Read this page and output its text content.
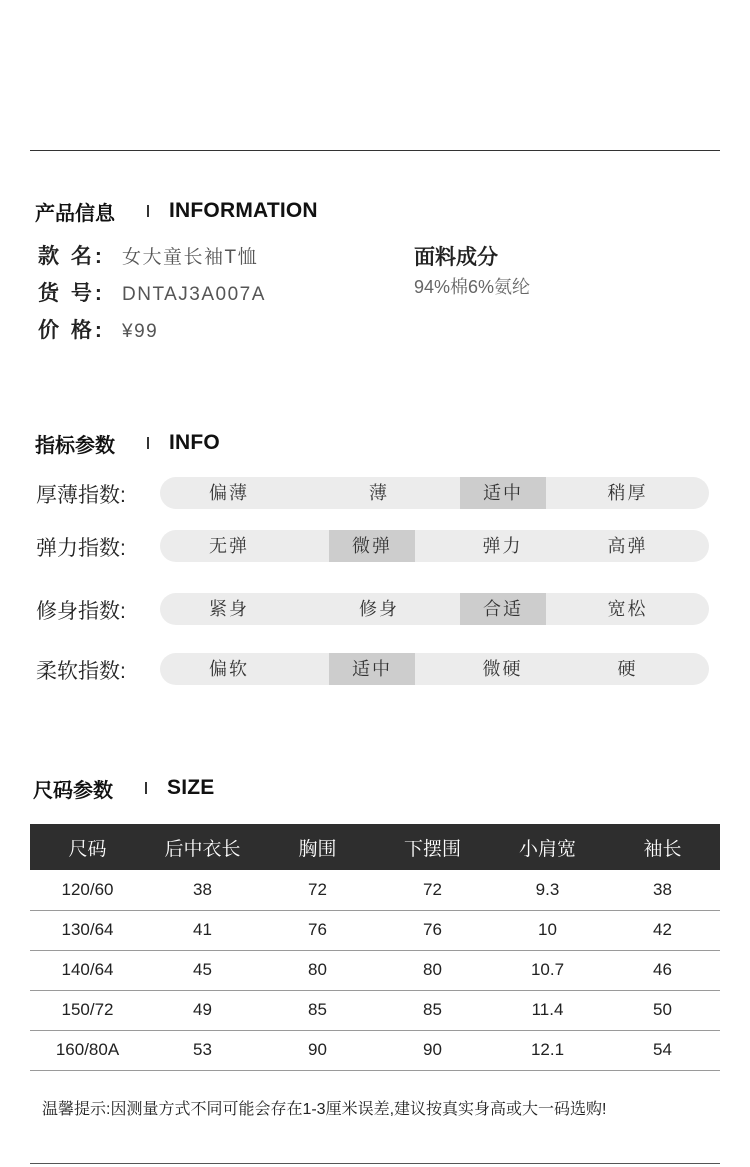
产品信息	INFORMATION
款 名: 女大童长袖T恤
货 号: DNTAJ3A007A
价 格: ¥99
面料成分
94%棉6%氨纶
指标参数	INFO
厚薄指数:	偏薄	薄	适中	稍厚
弹力指数:	无弹	微弹	弹力	高弹
修身指数:	紧身	修身	合适	宽松
柔软指数:	偏软	适中	微硬	硬
尺码参数	SIZE
尺码	后中衣长	胸围	下摆围	小肩宽	袖长
120/60	38	72	72	9.3	38
130/64	41	76	76	10	42
140/64	45	80	80	10.7	46
150/72	49	85	85	11.4	50
160/80A	53	90	90	12.1	54
温馨提示:因测量方式不同可能会存在1-3厘米误差,建议按真实身高或大一码选购!
